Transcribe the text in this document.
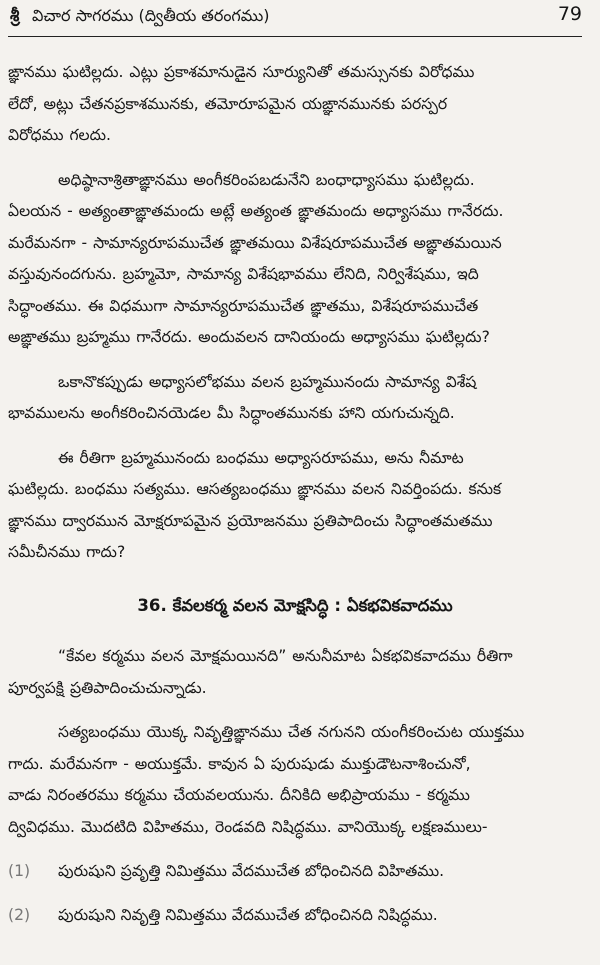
శ్రీ విచార సాగరము (ద్వితీయ తరంగము)	79

ఙ్ఞానము ఘటిల్లదు. ఎట్లు ప్రకాశమానుడైన సూర్యునితో తమస్సునకు విరోధము
లేదో, అట్లు చేతనప్రకాశమునకు, తమోరూపమైన యఙ్ఞానమునకు పరస్పర
విరోధము గలదు.

అధిష్ఠానాశ్రితాఙ్ఞానము అంగీకరింపబడునేని బంధాధ్యాసము ఘటిల్లదు.
ఏలయన - అత్యంతాఙ్ఞాతమందు అట్లే అత్యంత ఙ్ఞాతమందు అధ్యాసము గానేరదు.
మరేమనగా - సామాన్యరూపముచేత ఙ్ఞాతమయి విశేషరూపముచేత అఙ్ఞాతమయిన
వస్తువునందగును. బ్రహ్మమో, సామాన్య విశేషభావము లేనిది, నిర్విశేషము, ఇది
సిద్ధాంతము. ఈ విధముగా సామాన్యరూపముచేత ఙ్ఞాతము, విశేషరూపముచేత
అఙ్ఞాతము బ్రహ్మము గానేరదు. అందువలన దానియందు అధ్యాసము ఘటిల్లదు?

ఒకానొకప్పుడు అధ్యాసలోభము వలన బ్రహ్మమునందు సామాన్య విశేష
భావములను అంగీకరించినయెడల మీ సిద్ధాంతమునకు హాని యగుచున్నది.

ఈ రీతిగా బ్రహ్మమునందు బంధము అధ్యాసరూపము, అను నీమాట
ఘటిల్లదు. బంధము సత్యము. ఆసత్యబంధము ఙ్ఞానము వలన నివర్తింపదు. కనుక
ఙ్ఞానము ద్వారమున మోక్షరూపమైన ప్రయోజనము ప్రతిపాదించు సిద్ధాంతమతము
సమీచీనము గాదు?

36. కేవలకర్మ వలన మోక్షసిద్ధి : ఏకభవికవాదము

“కేవల కర్మము వలన మోక్షమయినది” అనునీమాట ఏకభవికవాదము రీతిగా
పూర్వపక్షి ప్రతిపాదించుచున్నాడు.

సత్యబంధము యొక్క నివృత్తిఙ్ఞానము చేత నగునని యంగీకరించుట యుక్తము
గాదు. మరేమనగా - అయుక్తమే. కావున ఏ పురుషుడు ముక్తుడౌటనాశించునో,
వాడు నిరంతరము కర్మము చేయవలయును. దీనికిది అభిప్రాయము - కర్మము
ద్వివిధము. మొదటిది విహితము, రెండవది నిషిద్ధము. వానియొక్క లక్షణములు-

(1)	పురుషుని ప్రవృత్తి నిమిత్తము వేదముచేత బోధించినది విహితము.
(2)	పురుషుని నివృత్తి నిమిత్తము వేదముచేత బోధించినది నిషిద్ధము.
